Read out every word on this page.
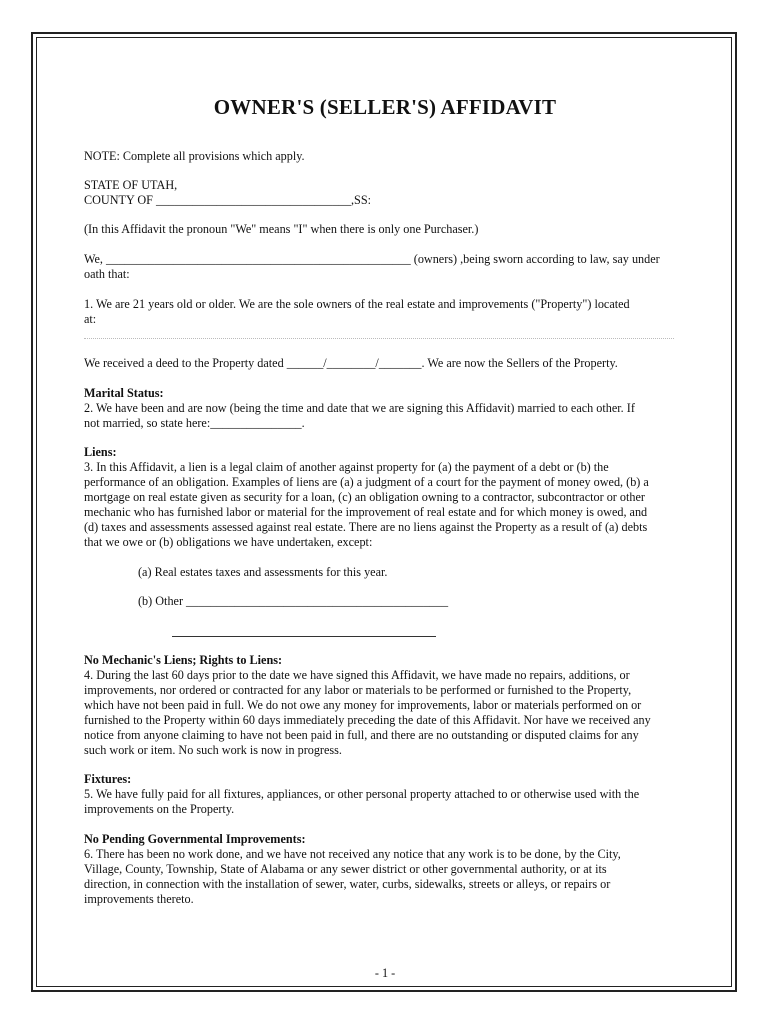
OWNER'S (SELLER'S) AFFIDAVIT
NOTE: Complete all provisions which apply.
STATE OF UTAH,
COUNTY OF ________________________________,SS:
(In this Affidavit the pronoun "We" means "I" when there is only one Purchaser.)
We, __________________________________________________ (owners) ,being sworn according to law, say under
oath that:
1. We are 21 years old or older. We are the sole owners of the real estate and improvements ("Property") located
at:
We received a deed to the Property dated ______/________/_______. We are now the Sellers of the Property.
Marital Status:
2. We have been and are now (being the time and date that we are signing this Affidavit) married to each other. If
not married, so state here:_______________.
Liens:
3. In this Affidavit, a lien is a legal claim of another against property for (a) the payment of a debt or (b) the
performance of an obligation. Examples of liens are (a) a judgment of a court for the payment of money owed, (b) a
mortgage on real estate given as security for a loan, (c) an obligation owning to a contractor, subcontractor or other
mechanic who has furnished labor or material for the improvement of real estate and for which money is owed, and
(d) taxes and assessments assessed against real estate. There are no liens against the Property as a result of (a) debts
that we owe or (b) obligations we have undertaken, except:
(a) Real estates taxes and assessments for this year.
(b) Other ___________________________________________
No Mechanic's Liens; Rights to Liens:
4. During the last 60 days prior to the date we have signed this Affidavit, we have made no repairs, additions, or
improvements, nor ordered or contracted for any labor or materials to be performed or furnished to the Property,
which have not been paid in full. We do not owe any money for improvements, labor or materials performed on or
furnished to the Property within 60 days immediately preceding the date of this Affidavit. Nor have we received any
notice from anyone claiming to have not been paid in full, and there are no outstanding or disputed claims for any
such work or item. No such work is now in progress.
Fixtures:
5. We have fully paid for all fixtures, appliances, or other personal property attached to or otherwise used with the
improvements on the Property.
No Pending Governmental Improvements:
6. There has been no work done, and we have not received any notice that any work is to be done, by the City,
Village, County, Township, State of Alabama or any sewer district or other governmental authority, or at its
direction, in connection with the installation of sewer, water, curbs, sidewalks, streets or alleys, or repairs or
improvements thereto.
- 1 -
